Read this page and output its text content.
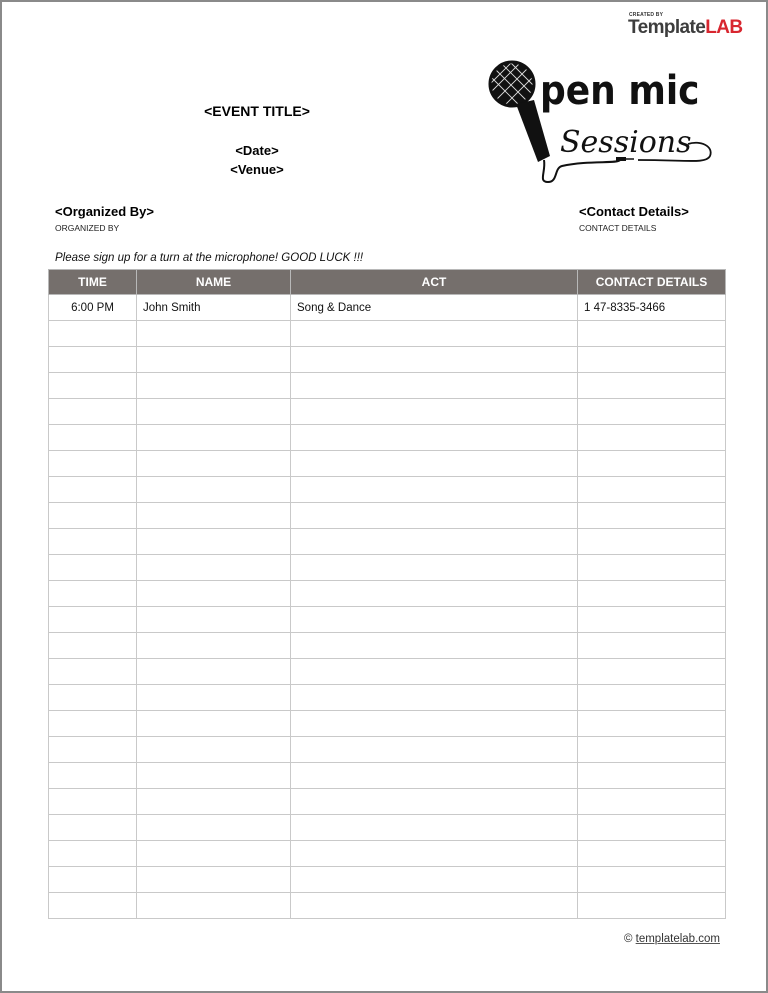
CREATED BY
TemplateLAB
pen mic
Sessions
<EVENT TITLE>
<Date>
<Venue>
<Organized By>
ORGANIZED BY
<Contact Details>
CONTACT DETAILS
Please sign up for a turn at the microphone! GOOD LUCK !!!
TIME	NAME	ACT	CONTACT DETAILS
6:00 PM	John Smith	Song & Dance	1 47-8335-3466

© templatelab.com
